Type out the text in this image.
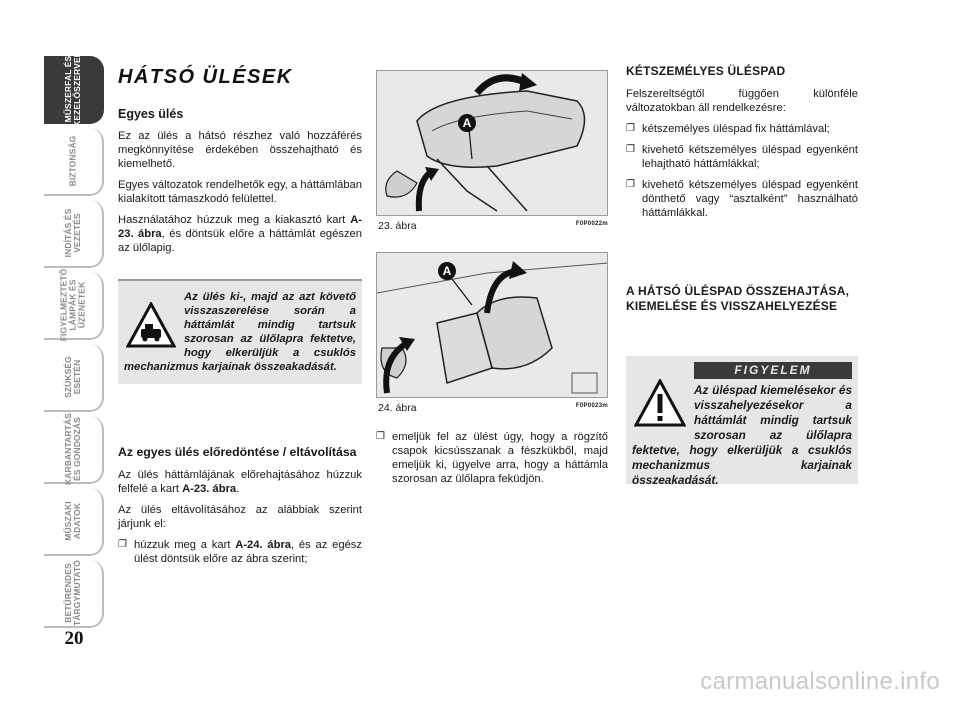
MŰSZERFAL ÉS
KEZELŐSZERVEK
BIZTONSÁG
INDÍTÁS ÉS
VEZETÉS
FIGYELMEZTETŐ
LÁMPÁK ÉS
ÜZENETEK
SZÜKSÉG
ESETÉN
KARBANTARTÁS
ÉS GONDOZÁS
MŰSZAKI
ADATOK
BETŰRENDES
TÁRGYMUTATÓ
20
HÁTSÓ ÜLÉSEK
Egyes ülés

Ez az ülés a hátsó részhez való hozzáférés megkönnyítése érdekében összehajtható és kiemelhető.

Egyes változatok rendelhetők egy, a háttámlában kialakított támaszkodó felülettel.

Használatához húzzuk meg a kiakasztó kart A-23. ábra, és döntsük előre a háttámlát egészen az ülőlapig.

Az ülés ki-, majd az azt követő visszaszerelése során a háttámlát mindig tartsuk szorosan az ülőlapra fektetve, hogy elkerüljük a csuklós mechanizmus karjainak összeakadását.

Az egyes ülés előredöntése / eltávolítása

Az ülés háttámlájának előrehajtásához húzzuk felfelé a kart A-23. ábra.

Az ülés eltávolításához az alábbiak szerint járjunk el:

❐ húzzuk meg a kart A-24. ábra, és az egész ülést döntsük előre az ábra szerint;

A
23. ábra	F0P0022m
A
24. ábra	F0P0023m

❐ emeljük fel az ülést úgy, hogy a rögzítő csapok kicsússzanak a fészkükből, majd emeljük ki, ügyelve arra, hogy a háttámla szorosan az ülőlapra feküdjön.

KÉTSZEMÉLYES ÜLÉSPAD

Felszereltségtől függően különféle változatokban áll rendelkezésre:

❐ kétszemélyes üléspad fix háttámlával;

❐ kivehető kétszemélyes üléspad egyenként lehajtható háttámlákkal;

❐ kivehető kétszemélyes üléspad egyenként dönthető vagy “asztalként” használható háttámlákkal.

A HÁTSÓ ÜLÉSPAD ÖSSZEHAJTÁSA, KIEMELÉSE ÉS VISSZAHELYEZÉSE
FIGYELEM

Az üléspad kiemelésekor és visszahelyezésekor a háttámlát mindig tartsuk szorosan az ülőlapra fektetve, hogy elkerüljük a csuklós mechanizmus karjainak összeakadását.

carmanualsonline.info
